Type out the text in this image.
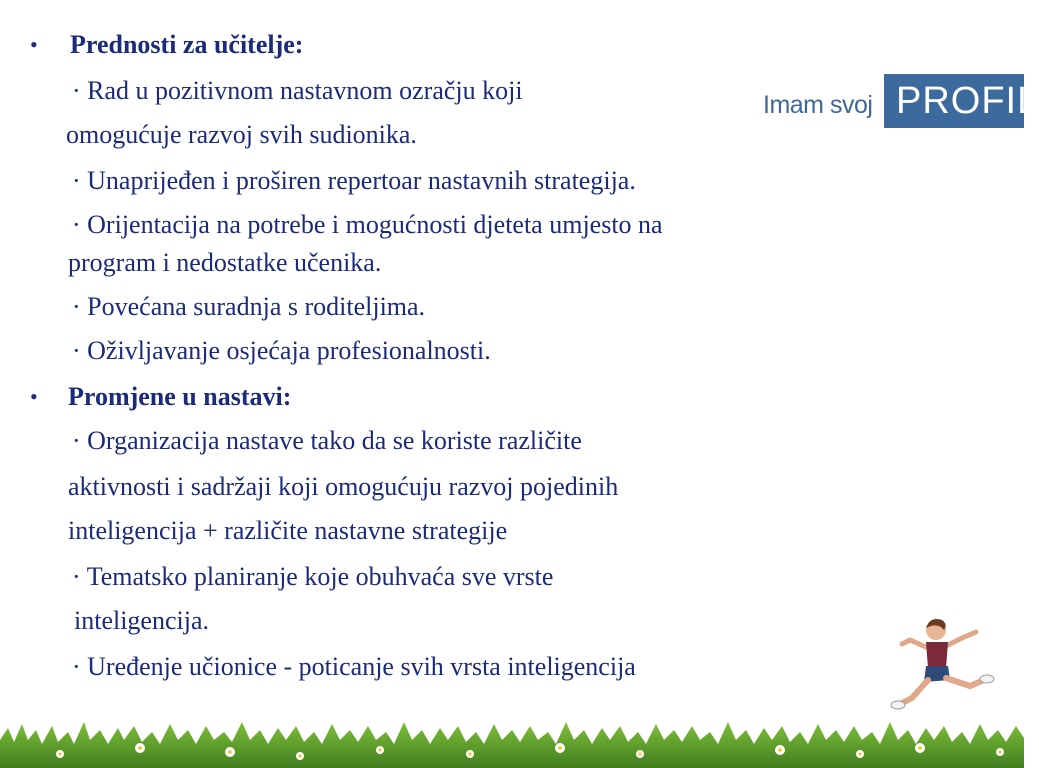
Imam svoj PROFIL
•
•
Prednosti za učitelje:
· Rad u pozitivnom nastavnom ozračju koji
omogućuje razvoj svih sudionika.
· Unaprijeđen i proširen repertoar nastavnih strategija.
· Orijentacija na potrebe i mogućnosti djeteta umjesto na
program i nedostatke učenika.
· Povećana suradnja s roditeljima.
· Oživljavanje osjećaja profesionalnosti.
Promjene u nastavi:
· Organizacija nastave tako da se koriste različite
aktivnosti i sadržaji koji omogućuju razvoj pojedinih
inteligencija + različite nastavne strategije
· Tematsko planiranje koje obuhvaća sve vrste
inteligencija.
· Uređenje učionice - poticanje svih vrsta inteligencija
